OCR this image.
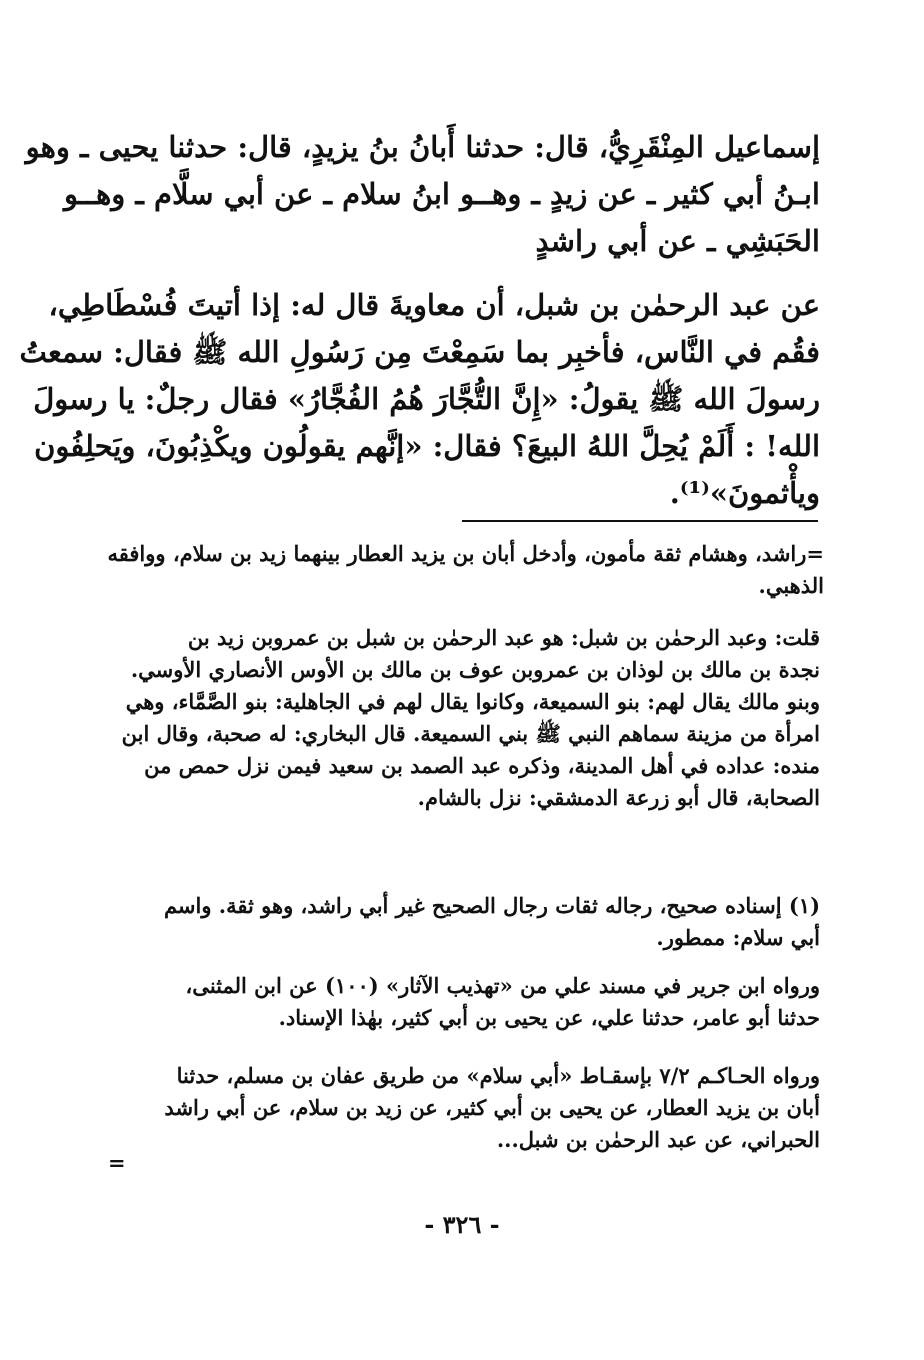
إسماعيل المِنْقَرِيُّ، قال: حدثنا أَبانُ بنُ يزيدٍ، قال: حدثنا يحيى ـ وهو
ابـنُ أبي كثير ـ عن زيدٍ ـ وهــو ابنُ سلام ـ عن أبي سلَّام ـ وهــو
الحَبَشِي ـ عن أبي راشدٍ
عن عبد الرحمٰن بن شبل، أن معاويةَ قال له: إذا أتيتَ فُسْطَاطِي،
فقُم في النَّاس، فأخبِر بما سَمِعْتَ مِن رَسُولِ الله ﷺ فقال: سمعتُ
رسولَ الله ﷺ يقولُ: «إِنَّ التُّجَّارَ هُمُ الفُجَّارُ» فقال رجلٌ: يا رسولَ
الله! : أَلَمْ يُحِلَّ اللهُ البيعَ؟ فقال: «إنَّهم يقولُون ويكْذِبُونَ، ويَحلِفُون
ويأْثمونَ»⁽¹⁾.
=راشد، وهشام ثقة مأمون، وأدخل أبان بن يزيد العطار بينهما زيد بن سلام، ووافقه
الذهبي.
قلت: وعبد الرحمٰن بن شبل: هو عبد الرحمٰن بن شبل بن عمروبن زيد بن
نجدة بن مالك بن لوذان بن عمروبن عوف بن مالك بن الأوس الأنصاري الأوسي.
وبنو مالك يقال لهم: بنو السميعة، وكانوا يقال لهم في الجاهلية: بنو الصَّمَّاء، وهي
امرأة من مزينة سماهم النبي ﷺ بني السميعة. قال البخاري: له صحبة، وقال ابن
منده: عداده في أهل المدينة، وذكره عبد الصمد بن سعيد فيمن نزل حمص من
الصحابة، قال أبو زرعة الدمشقي: نزل بالشام.
(١) إسناده صحيح، رجاله ثقات رجال الصحيح غير أبي راشد، وهو ثقة. واسم
أبي سلام: ممطور.
ورواه ابن جرير في مسند علي من «تهذيب الآثار» (١٠٠) عن ابن المثنى،
حدثنا أبو عامر، حدثنا علي، عن يحيى بن أبي كثير، بهٰذا الإسناد.
ورواه الحـاكـم ٧/٢ بإسقـاط «أبي سلام» من طريق عفان بن مسلم، حدثنا
أبان بن يزيد العطار، عن يحيى بن أبي كثير، عن زيد بن سلام، عن أبي راشد
الحبراني، عن عبد الرحمٰن بن شبل...
=
- ٣٢٦ -
